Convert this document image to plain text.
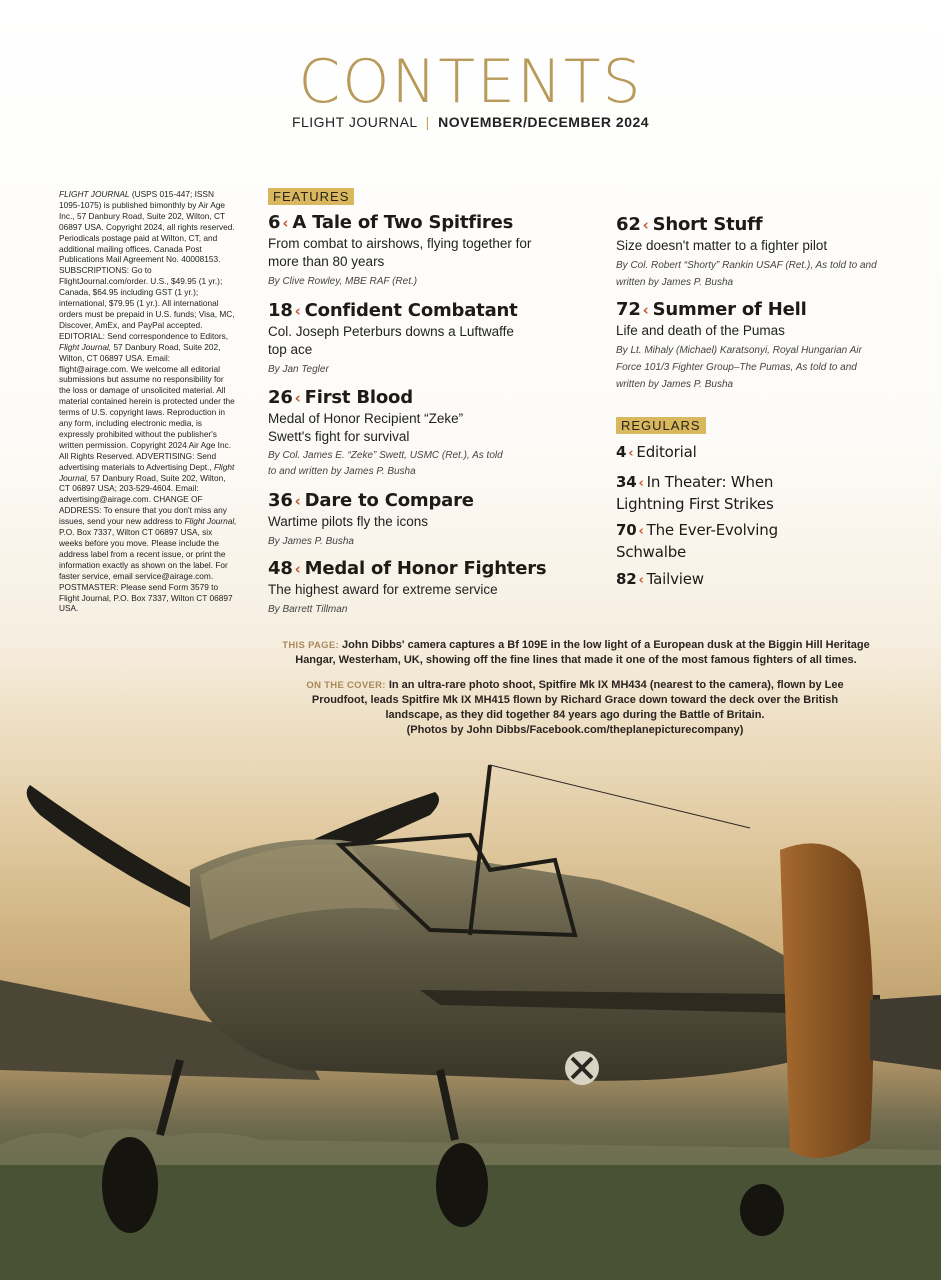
CONTENTS
FLIGHT JOURNAL | NOVEMBER/DECEMBER 2024
FLIGHT JOURNAL (USPS 015-447; ISSN 1095-1075) is published bimonthly by Air Age Inc., 57 Danbury Road, Suite 202, Wilton, CT 06897 USA. Copyright 2024, all rights reserved. Periodicals postage paid at Wilton, CT, and additional mailing offices. Canada Post Publications Mail Agreement No. 40008153. SUBSCRIPTIONS: Go to FlightJournal.com/order. U.S., $49.95 (1 yr.); Canada, $64.95 including GST (1 yr.); international, $79.95 (1 yr.). All international orders must be prepaid in U.S. funds; Visa, MC, Discover, AmEx, and PayPal accepted. EDITORIAL: Send correspondence to Editors, Flight Journal, 57 Danbury Road, Suite 202, Wilton, CT 06897 USA. Email: flight@airage.com. We welcome all editorial submissions but assume no responsibility for the loss or damage of unsolicited material. All material contained herein is protected under the terms of U.S. copyright laws. Reproduction in any form, including electronic media, is expressly prohibited without the publisher's written permission. Copyright 2024 Air Age Inc. All Rights Reserved. ADVERTISING: Send advertising materials to Advertising Dept., Flight Journal, 57 Danbury Road, Suite 202, Wilton, CT 06897 USA; 203-529-4604. Email: advertising@airage.com. CHANGE OF ADDRESS: To ensure that you don't miss any issues, send your new address to Flight Journal, P.O. Box 7337, Wilton CT 06897 USA, six weeks before you move. Please include the address label from a recent issue, or print the information exactly as shown on the label. For faster service, email service@airage.com. POSTMASTER: Please send Form 3579 to Flight Journal, P.O. Box 7337, Wilton CT 06897 USA.
FEATURES
6 ‹ A Tale of Two Spitfires
From combat to airshows, flying together for more than 80 years
By Clive Rowley, MBE RAF (Ret.)
18 ‹ Confident Combatant
Col. Joseph Peterburs downs a Luftwaffe top ace
By Jan Tegler
26 ‹ First Blood
Medal of Honor Recipient “Zeke” Swett's fight for survival
By Col. James E. “Zeke” Swett, USMC (Ret.), As told to and written by James P. Busha
36 ‹ Dare to Compare
Wartime pilots fly the icons
By James P. Busha
48 ‹ Medal of Honor Fighters
The highest award for extreme service
By Barrett Tillman
62 ‹ Short Stuff
Size doesn't matter to a fighter pilot
By Col. Robert “Shorty” Rankin USAF (Ret.), As told to and written by James P. Busha
72 ‹ Summer of Hell
Life and death of the Pumas
By Lt. Mihaly (Michael) Karatsonyi, Royal Hungarian Air Force 101/3 Fighter Group–The Pumas, As told to and written by James P. Busha
REGULARS
4 ‹ Editorial
34 ‹ In Theater: When Lightning First Strikes
70 ‹ The Ever-Evolving Schwalbe
82 ‹ Tailview
THIS PAGE: John Dibbs' camera captures a Bf 109E in the low light of a European dusk at the Biggin Hill Heritage Hangar, Westerham, UK, showing off the fine lines that made it one of the most famous fighters of all times.
ON THE COVER: In an ultra-rare photo shoot, Spitfire Mk IX MH434 (nearest to the camera), flown by Lee Proudfoot, leads Spitfire Mk IX MH415 flown by Richard Grace down toward the deck over the British landscape, as they did together 84 years ago during the Battle of Britain.
(Photos by John Dibbs/Facebook.com/theplanepicturecompany)
